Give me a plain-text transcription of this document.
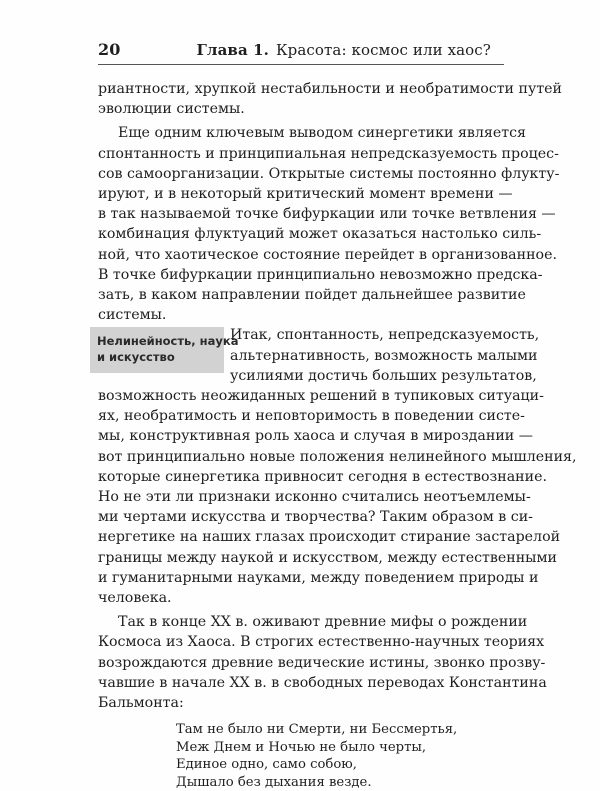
20	Глава 1. Красота: космос или хаос?
риантности, хрупкой нестабильности и необратимости путей
эволюции системы.
Еще одним ключевым выводом синергетики является
спонтанность и принципиальная непредсказуемость процес-
сов самоорганизации. Открытые системы постоянно флукту-
ируют, и в некоторый критический момент времени —
в так называемой точке бифуркации или точке ветвления —
комбинация флуктуаций может оказаться настолько силь-
ной, что хаотическое состояние перейдет в организованное.
В точке бифуркации принципиально невозможно предска-
зать, в каком направлении пойдет дальнейшее развитие
системы.
Нелинейность, наука
и искусство
Итак, спонтанность, непредсказуемость,
альтернативность, возможность малыми
усилиями достичь больших результатов,
возможность неожиданных решений в тупиковых ситуаци-
ях, необратимость и неповторимость в поведении систе-
мы, конструктивная роль хаоса и случая в мироздании —
вот принципиально новые положения нелинейного мышления,
которые синергетика привносит сегодня в естествознание.
Но не эти ли признаки исконно считались неотъемлемы-
ми чертами искусства и творчества? Таким образом в си-
нергетике на наших глазах происходит стирание застарелой
границы между наукой и искусством, между естественными
и гуманитарными науками, между поведением природы и
человека.
Так в конце XX в. оживают древние мифы о рождении
Космоса из Хаоса. В строгих естественно-научных теориях
возрождаются древние ведические истины, звонко прозву-
чавшие в начале XX в. в свободных переводах Константина
Бальмонта:
Там не было ни Смерти, ни Бессмертья,
Меж Днем и Ночью не было черты,
Единое одно, само собою,
Дышало без дыхания везде.
